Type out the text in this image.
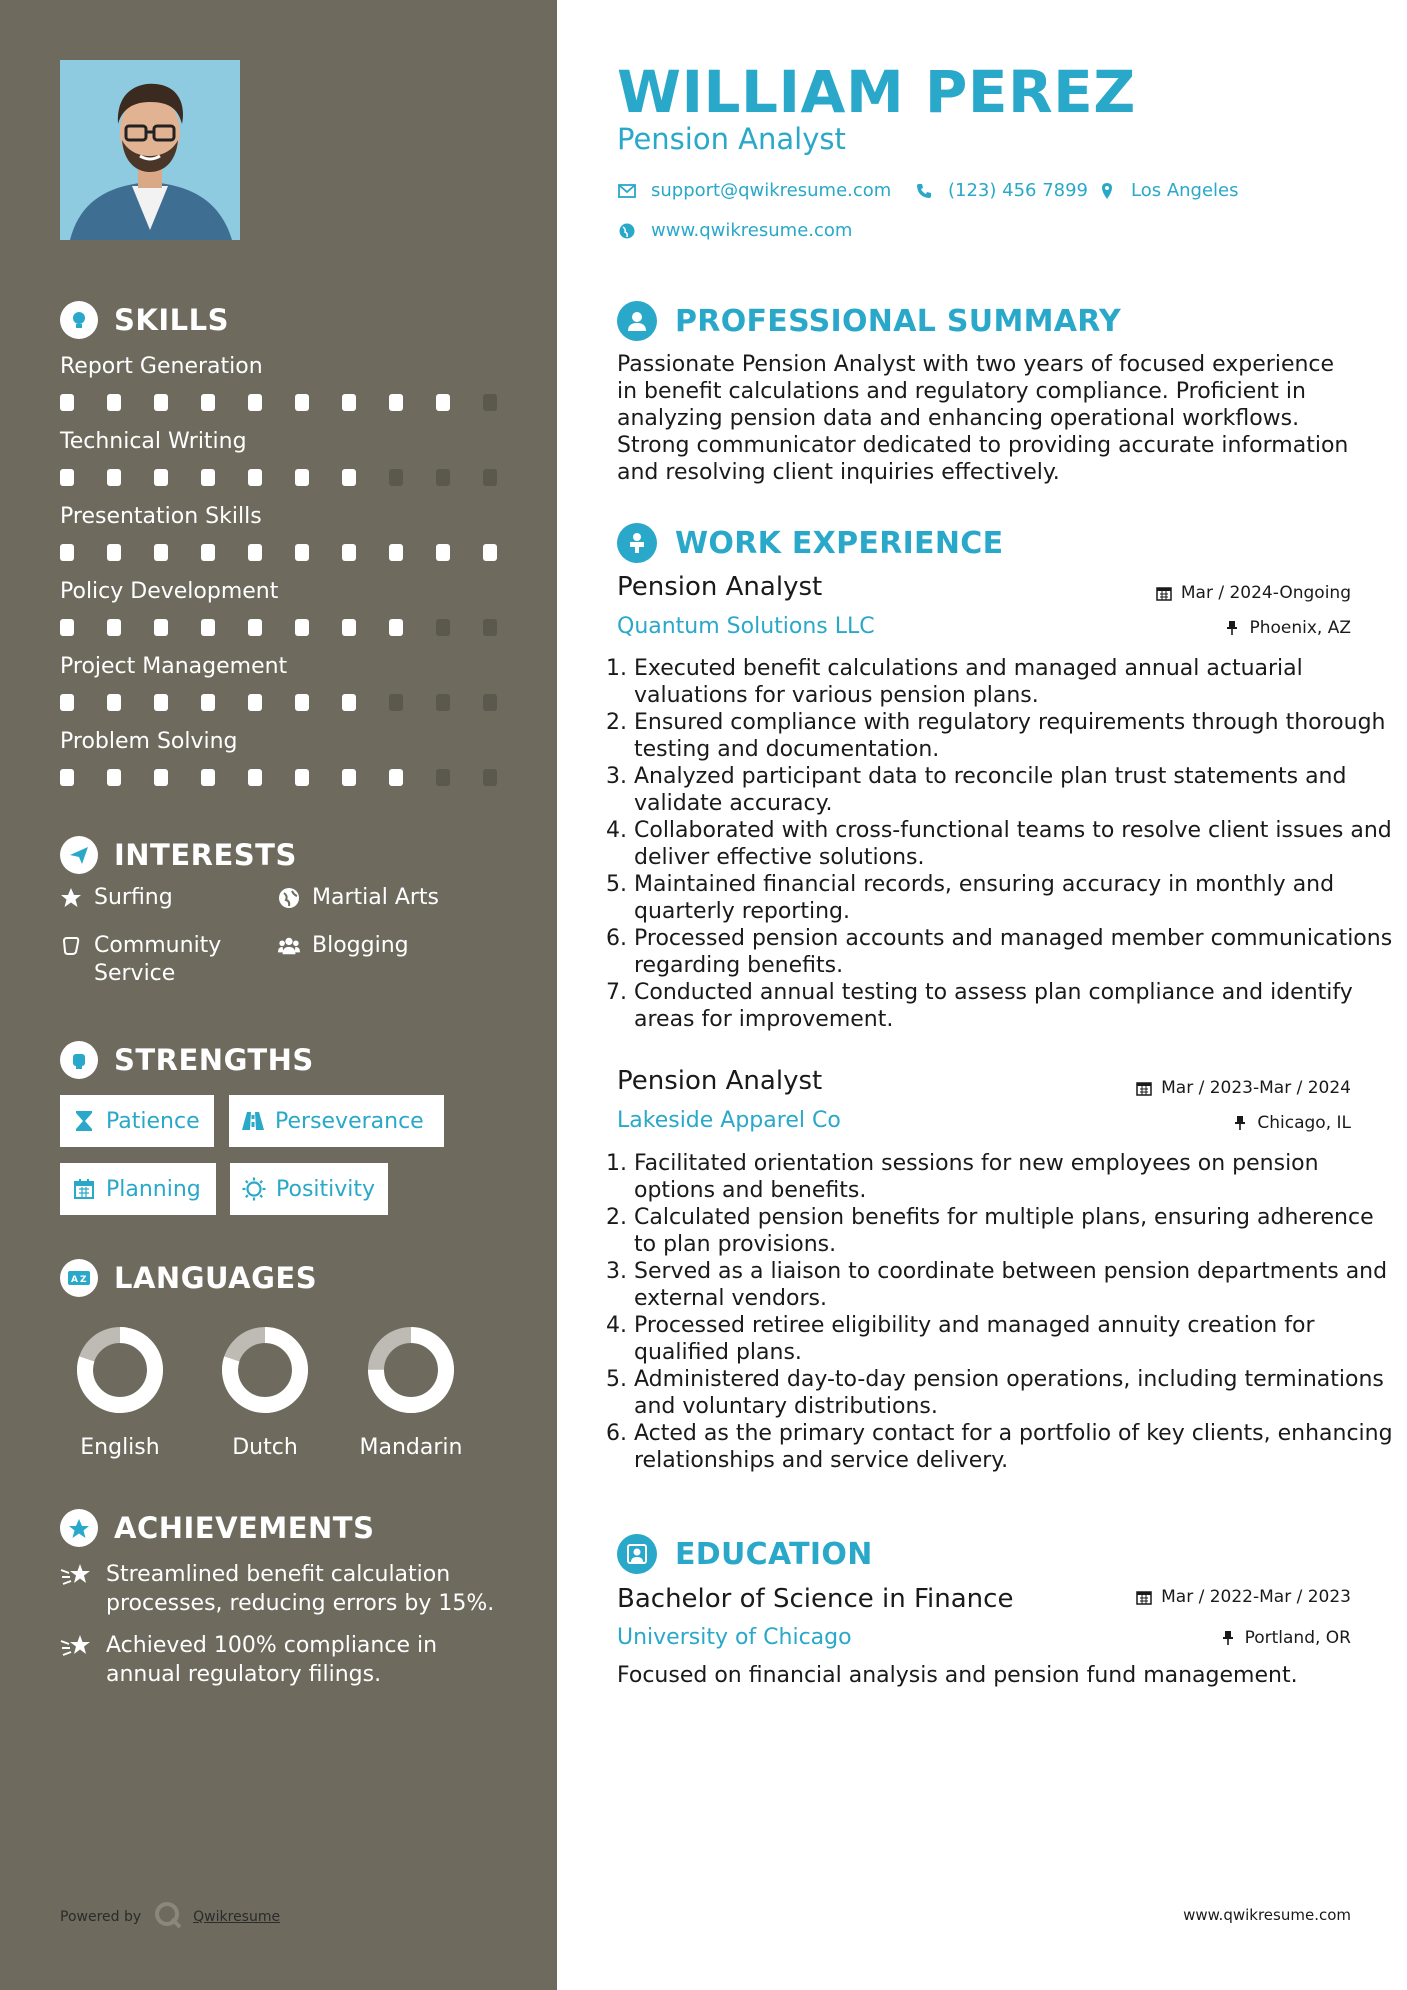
SKILLS
Report Generation
Technical Writing
Presentation Skills
Policy Development
Project Management
Problem Solving
INTERESTS
Surfing	Martial Arts
Community Service
Blogging
STRENGTHS
Patience	Perseverance
Planning	Positivity
A Z LANGUAGES
English	Dutch	Mandarin
ACHIEVEMENTS
Streamlined benefit calculation processes, reducing errors by 15%.
Achieved 100% compliance in annual regulatory filings.
Powered by	Qwikresume
WILLIAM PEREZ
Pension Analyst
support@qwikresume.com	(123) 456 7899 Los Angeles
www.qwikresume.com
PROFESSIONAL SUMMARY
Passionate Pension Analyst with two years of focused experience in benefit calculations and regulatory compliance. Proficient in analyzing pension data and enhancing operational workflows. Strong communicator dedicated to providing accurate information and resolving client inquiries effectively.
WORK EXPERIENCE
Pension Analyst	Mar / 2024-Ongoing
Quantum Solutions LLC	Phoenix, AZ
1. Executed benefit calculations and managed annual actuarial valuations for various pension plans.
2. Ensured compliance with regulatory requirements through thorough testing and documentation.
3. Analyzed participant data to reconcile plan trust statements and validate accuracy.
4. Collaborated with cross-functional teams to resolve client issues and deliver effective solutions.
5. Maintained financial records, ensuring accuracy in monthly and quarterly reporting.
6. Processed pension accounts and managed member communications regarding benefits.
7. Conducted annual testing to assess plan compliance and identify areas for improvement.
Pension Analyst	Mar / 2023-Mar / 2024
Lakeside Apparel Co	Chicago, IL
1. Facilitated orientation sessions for new employees on pension options and benefits.
2. Calculated pension benefits for multiple plans, ensuring adherence to plan provisions.
3. Served as a liaison to coordinate between pension departments and external vendors.
4. Processed retiree eligibility and managed annuity creation for qualified plans.
5. Administered day-to-day pension operations, including terminations and voluntary distributions.
6. Acted as the primary contact for a portfolio of key clients, enhancing relationships and service delivery.
EDUCATION
Bachelor of Science in Finance	Mar / 2022-Mar / 2023
University of Chicago	Portland, OR
Focused on financial analysis and pension fund management.
www.qwikresume.com
